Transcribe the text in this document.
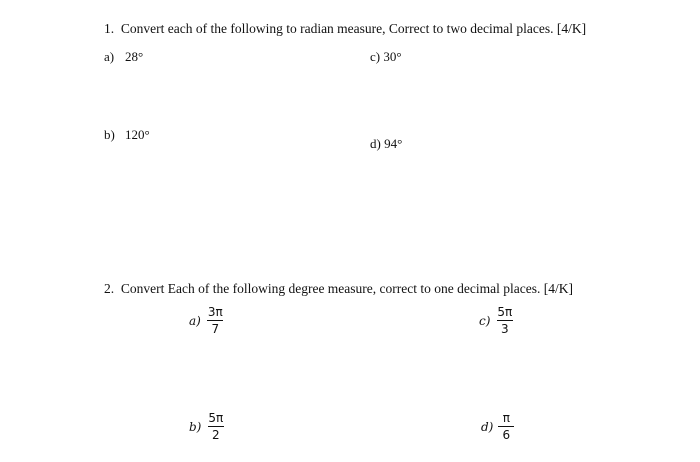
1.  Convert each of the following to radian measure, Correct to two decimal places. [4/K]
a) 28°	c) 30°
b) 120°
d) 94°
2.  Convert Each of the following degree measure, correct to one decimal places. [4/K]
$a) \frac{3\pi}{7}$	$c) \frac{5\pi}{3}$
$b) \frac{5\pi}{2}$	$d) \frac{\pi}{6}$
